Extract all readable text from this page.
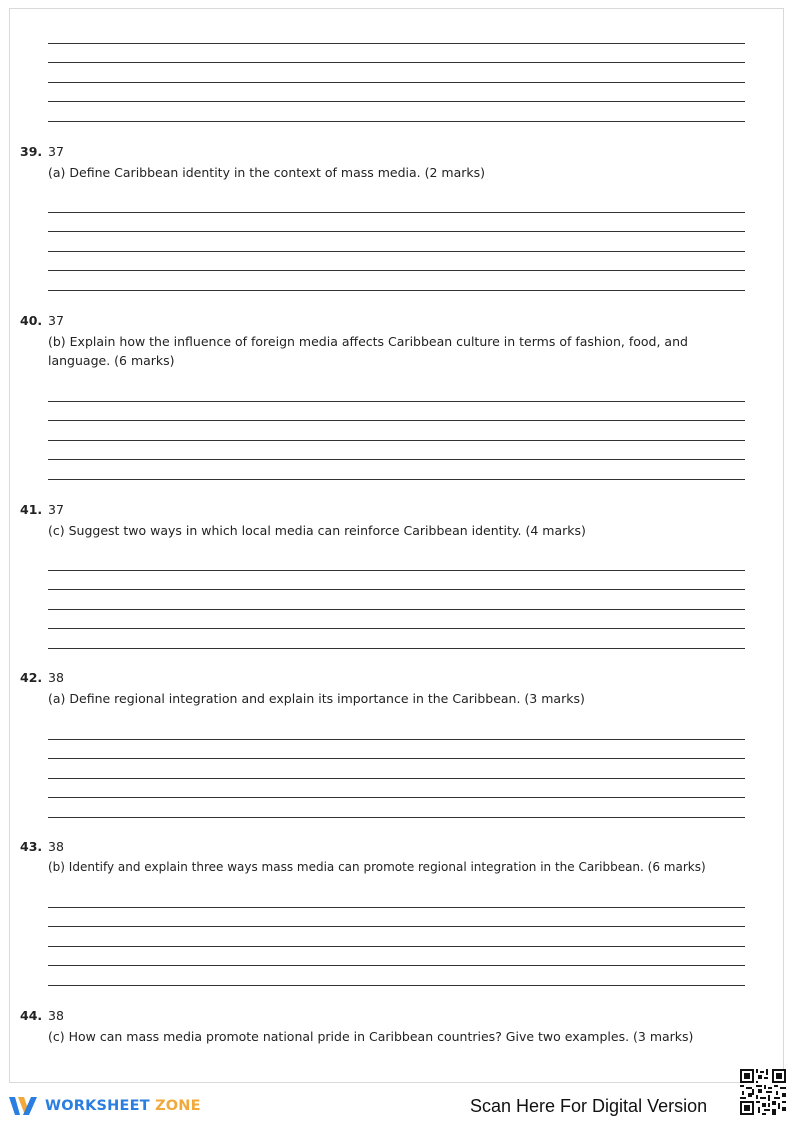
39. 37
(a) Define Caribbean identity in the context of mass media. (2 marks)
40. 37
(b) Explain how the influence of foreign media affects Caribbean culture in terms of fashion, food, and language. (6 marks)
41. 37
(c) Suggest two ways in which local media can reinforce Caribbean identity. (4 marks)
42. 38
(a) Define regional integration and explain its importance in the Caribbean. (3 marks)
43. 38
(b) Identify and explain three ways mass media can promote regional integration in the Caribbean. (6 marks)
44. 38
(c) How can mass media promote national pride in Caribbean countries? Give two examples. (3 marks)
WORKSHEET ZONE	Scan Here For Digital Version
